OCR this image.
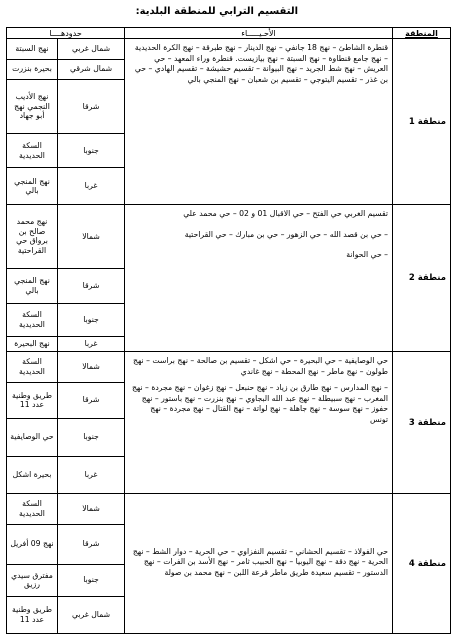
التقسيم الترابي للمنطقة البلدية:
المنطقة	الأحـيـــــاء	حدودهــــا
منطقة 1	

قنطرة الشاطئ – نهج 18 جانفي – نهج الدينار – نهج طبرقة – نهج الكرة الحديدية – نهج جامع قنطاوة – نهج السبتة – نهج بيازيست. قنطرة وراء المعهد – حي العريش – نهج شط الجريد – نهج البيوانة – تقسيم حشيشة – تقسيم الهادي – حي بن غذر – تقسيم اليتوجي – تقسيم بن شعبان – نهج المنجي بالي

شمال غربي	نهج السبتة
شمال شرقي	بحيرة بنزرت
شرقا	نهج الأديب النجمي نهج أبو جهاد
جنوبا	السكة الحديدية
غربا	نهج المنجي بالي

منطقة 2	

تقسيم الغربي حي الفتح – حي الاقبال 01 و 02 – حي محمد علي

– حي بن قصد الله – حي الزهور – حي بن مبارك – حي القراحتية

– حي الحوانة

شمالا	نهج محمد صالح بن برواق حي القراحتية
شرقا	نهج المنجي بالي
جنوبا	السكة الحديدية
غربا	نهج البحيرة

منطقة 3	

حي الوصايفية – حي البحيرة – حي اشكل – تقسيم بن صالحة – نهج براست – نهج طولون – نهج ماطر – نهج المحطة – نهج غاندي

– نهج المدارس – نهج طارق بن زياد – نهج حنبعل – نهج زغوان – نهج مجردة – نهج المغرب – نهج سبيطلة – نهج عبد الله البجاوي – نهج بنزرت – نهج باستور – نهج حفوز – نهج سوسة – نهج جاهلة – نهج لواتة – نهج القتال – نهج مجردة – نهج تونس

شمالا	السكة الحديدية
شرقا	طريق وطنية عدد 11
جنوبا	حي الوصايفية
غربا	بحيرة اشكل

منطقة 4	

حي الفولاذ – تقسيم الحشاني – تقسيم النفزاوي – حي الحرية – دوار الشط – نهج الحرية – نهج دقة – نهج اليوبيا – نهج الحبيب ثامر – نهج الأسد بن الفرات – نهج الدستور – تقسيم سعيدة طريق ماطر قرعة اللبن – نهج محمد بن صولة

شمالا	السكة الحديدية
شرقا	نهج 09 أفريل
جنوبا	مفترق سيدي رزيق
شمال غربي	طريق وطنية عدد 11
